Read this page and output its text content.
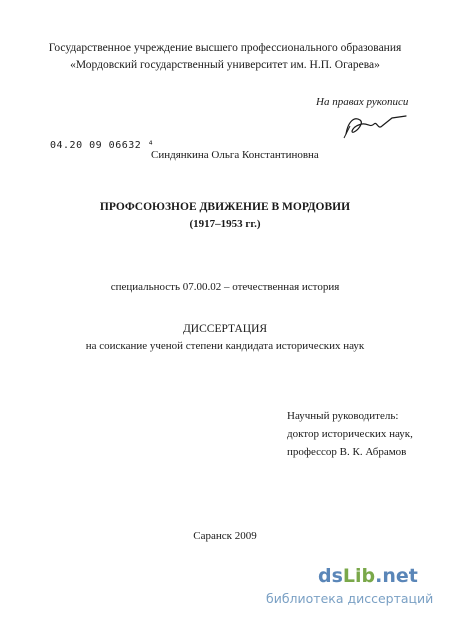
Государственное учреждение высшего профессионального образования
«Мордовский государственный университет им. Н.П. Огарева»
На правах рукописи
04.20 09 06632 ⁴
Синдянкина Ольга Константиновна
ПРОФСОЮЗНОЕ ДВИЖЕНИЕ В МОРДОВИИ
(1917–1953 гг.)
специальность 07.00.02 – отечественная история
ДИССЕРТАЦИЯ
на соискание ученой степени кандидата исторических наук
Научный руководитель:
доктор исторических наук,
профессор В. К. Абрамов
Саранск 2009
dsLib.net
библиотека диссертаций
